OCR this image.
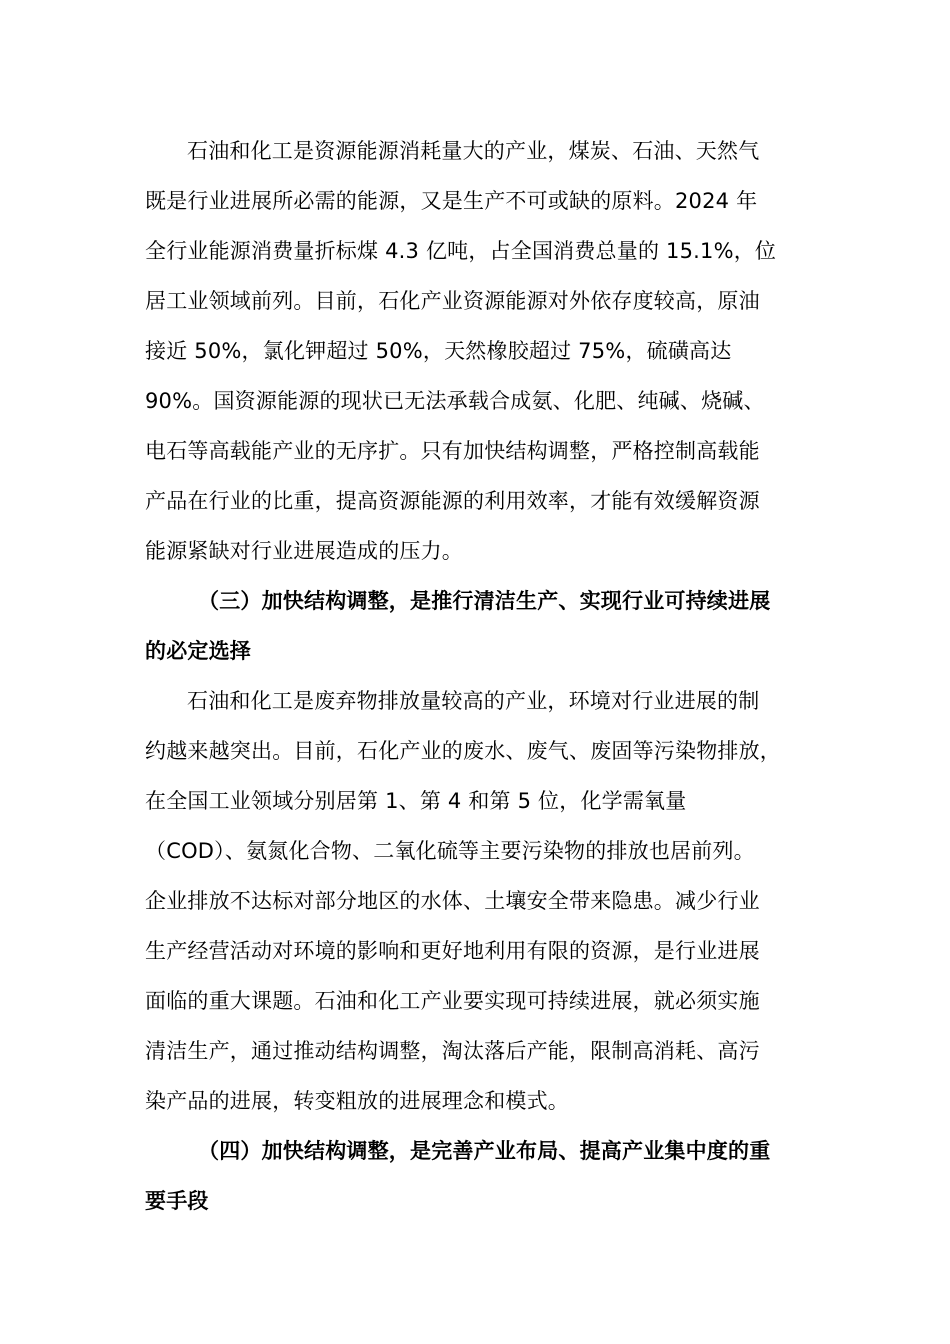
石油和化工是资源能源消耗量大的产业，煤炭、石油、天然气
既是行业进展所必需的能源，又是生产不可或缺的原料。2024 年
全行业能源消费量折标煤 4.3 亿吨，占全国消费总量的 15.1%，位
居工业领域前列。目前，石化产业资源能源对外依存度较高，原油
接近 50%，氯化钾超过 50%，天然橡胶超过 75%，硫磺高达
90%。国资源能源的现状已无法承载合成氨、化肥、纯碱、烧碱、
电石等高载能产业的无序扩。只有加快结构调整，严格控制高载能
产品在行业的比重，提高资源能源的利用效率，才能有效缓解资源
能源紧缺对行业进展造成的压力。
（三）加快结构调整，是推行清洁生产、实现行业可持续进展
的必定选择
石油和化工是废弃物排放量较高的产业，环境对行业进展的制
约越来越突出。目前，石化产业的废水、废气、废固等污染物排放，
在全国工业领域分别居第 1、第 4 和第 5 位，化学需氧量
（COD）、氨氮化合物、二氧化硫等主要污染物的排放也居前列。
企业排放不达标对部分地区的水体、土壤安全带来隐患。减少行业
生产经营活动对环境的影响和更好地利用有限的资源，是行业进展
面临的重大课题。石油和化工产业要实现可持续进展，就必须实施
清洁生产，通过推动结构调整，淘汰落后产能，限制高消耗、高污
染产品的进展，转变粗放的进展理念和模式。
（四）加快结构调整，是完善产业布局、提高产业集中度的重
要手段
